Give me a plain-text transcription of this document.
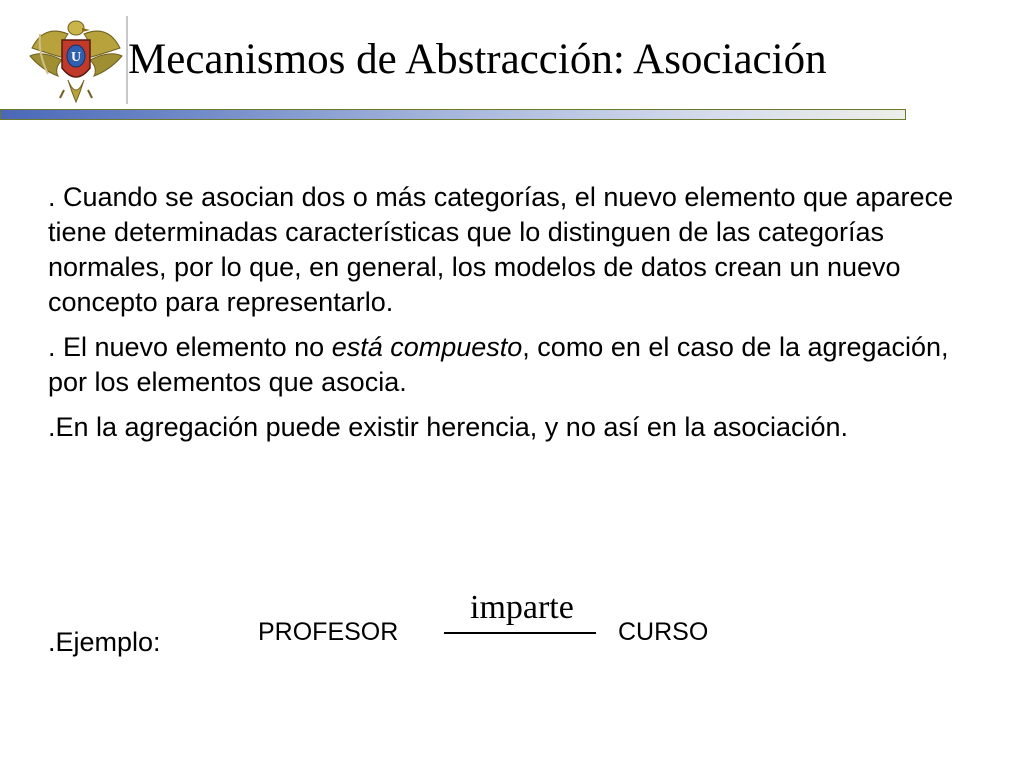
U Mecanismos de Abstracción: Asociación

. Cuando se asocian dos o más categorías, el nuevo elemento que aparece tiene determinadas características que lo distinguen de las categorías normales, por lo que, en general, los modelos de datos crean un nuevo concepto para representarlo.

. El nuevo elemento no está compuesto, como en el caso de la agregación, por los elementos que asocia.

.En la agregación puede existir herencia, y no así en la asociación.

.Ejemplo:	PROFESOR
imparte
CURSO
